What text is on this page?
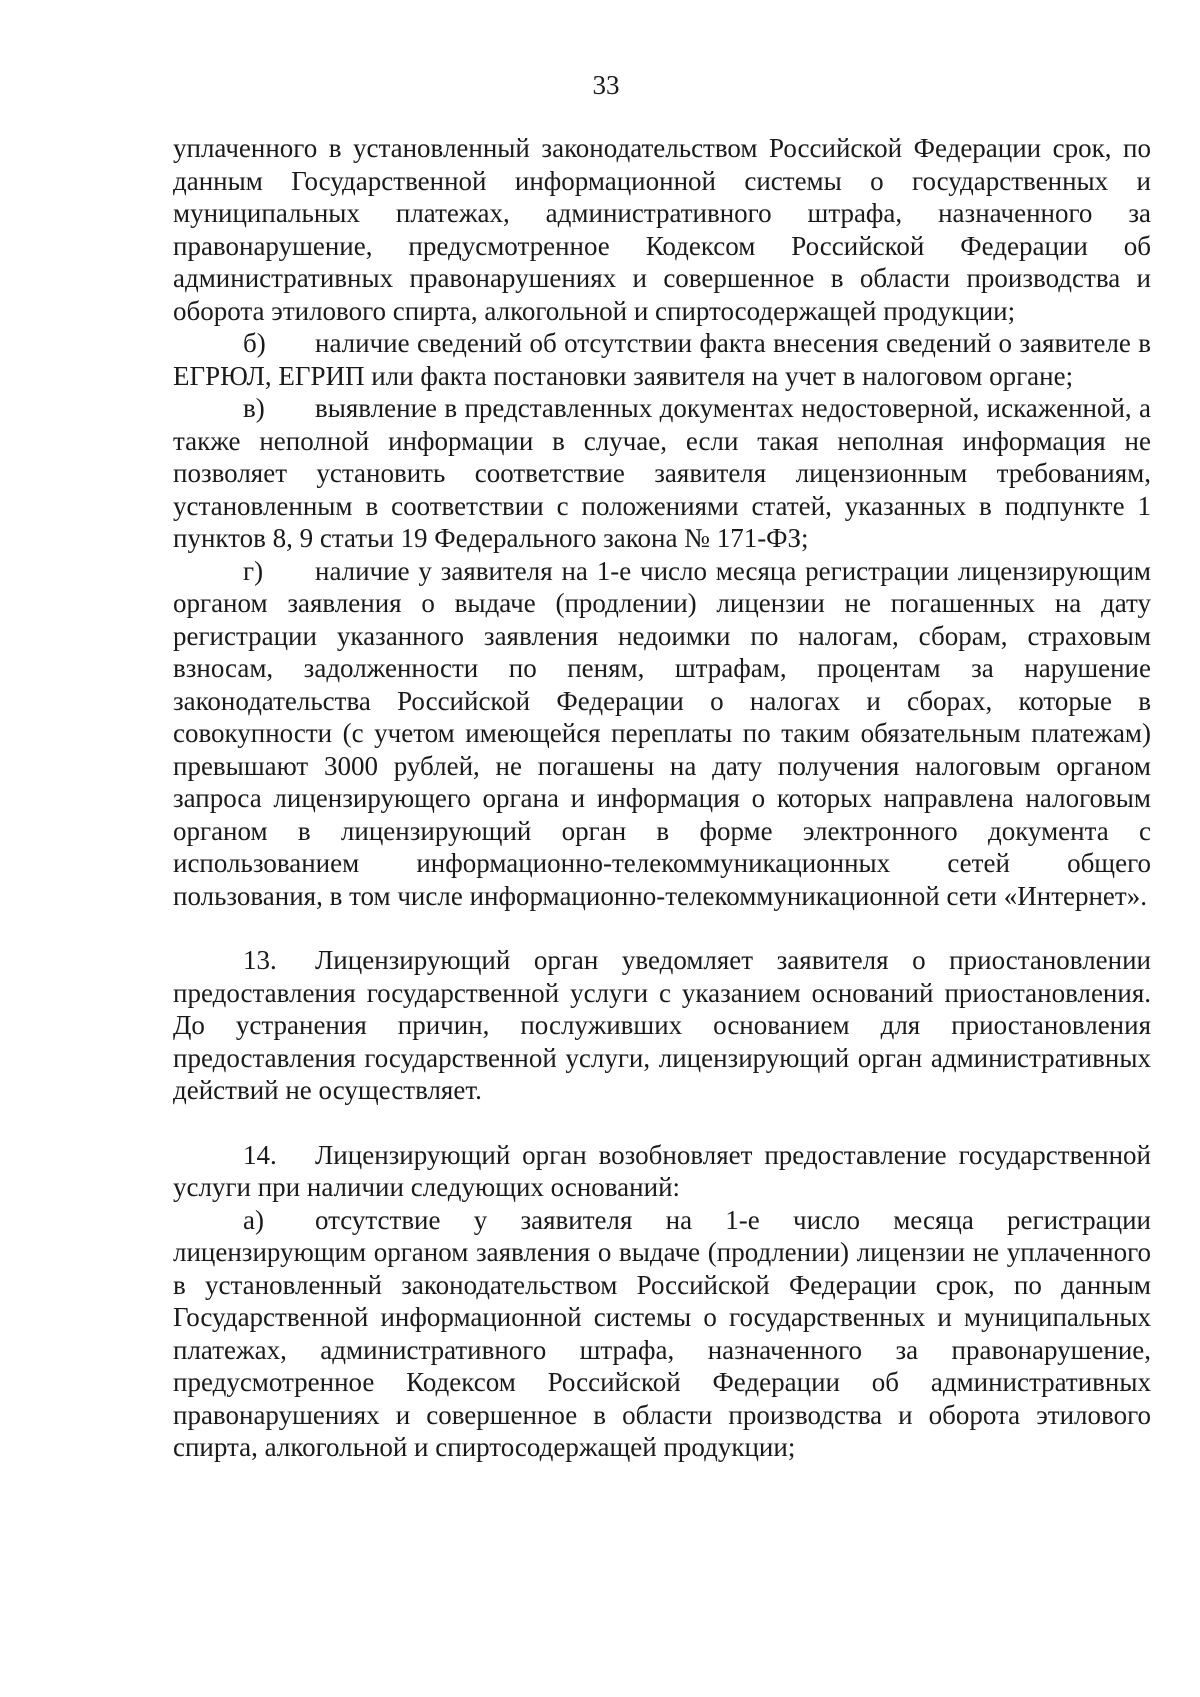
33

уплаченного в установленный законодательством Российской Федерации срок, по данным Государственной информационной системы о государственных и муниципальных платежах, административного штрафа, назначенного за правонарушение, предусмотренное Кодексом Российской Федерации об административных правонарушениях и совершенное в области производства и оборота этилового спирта, алкогольной и спиртосодержащей продукции;

б) наличие сведений об отсутствии факта внесения сведений о заявителе в ЕГРЮЛ, ЕГРИП или факта постановки заявителя на учет в налоговом органе;

в) выявление в представленных документах недостоверной, искаженной, а также неполной информации в случае, если такая неполная информация не позволяет установить соответствие заявителя лицензионным требованиям, установленным в соответствии с положениями статей, указанных в подпункте 1 пунктов 8, 9 статьи 19 Федерального закона № 171-ФЗ;

г) наличие у заявителя на 1-е число месяца регистрации лицензирующим органом заявления о выдаче (продлении) лицензии не погашенных на дату регистрации указанного заявления недоимки по налогам, сборам, страховым взносам, задолженности по пеням, штрафам, процентам за нарушение законодательства Российской Федерации о налогах и сборах, которые в совокупности (с учетом имеющейся переплаты по таким обязательным платежам) превышают 3000 рублей, не погашены на дату получения налоговым органом запроса лицензирующего органа и информация о которых направлена налоговым органом в лицензирующий орган в форме электронного документа с использованием информационно-телекоммуникационных сетей общего пользования, в том числе информационно-телекоммуникационной сети «Интернет».

13. Лицензирующий орган уведомляет заявителя о приостановлении предоставления государственной услуги с указанием оснований приостановления. До устранения причин, послуживших основанием для приостановления предоставления государственной услуги, лицензирующий орган административных действий не осуществляет.

14. Лицензирующий орган возобновляет предоставление государственной услуги при наличии следующих оснований:

а) отсутствие у заявителя на 1-е число месяца регистрации лицензирующим органом заявления о выдаче (продлении) лицензии не уплаченного в установленный законодательством Российской Федерации срок, по данным Государственной информационной системы о государственных и муниципальных платежах, административного штрафа, назначенного за правонарушение, предусмотренное Кодексом Российской Федерации об административных правонарушениях и совершенное в области производства и оборота этилового спирта, алкогольной и спиртосодержащей продукции;
